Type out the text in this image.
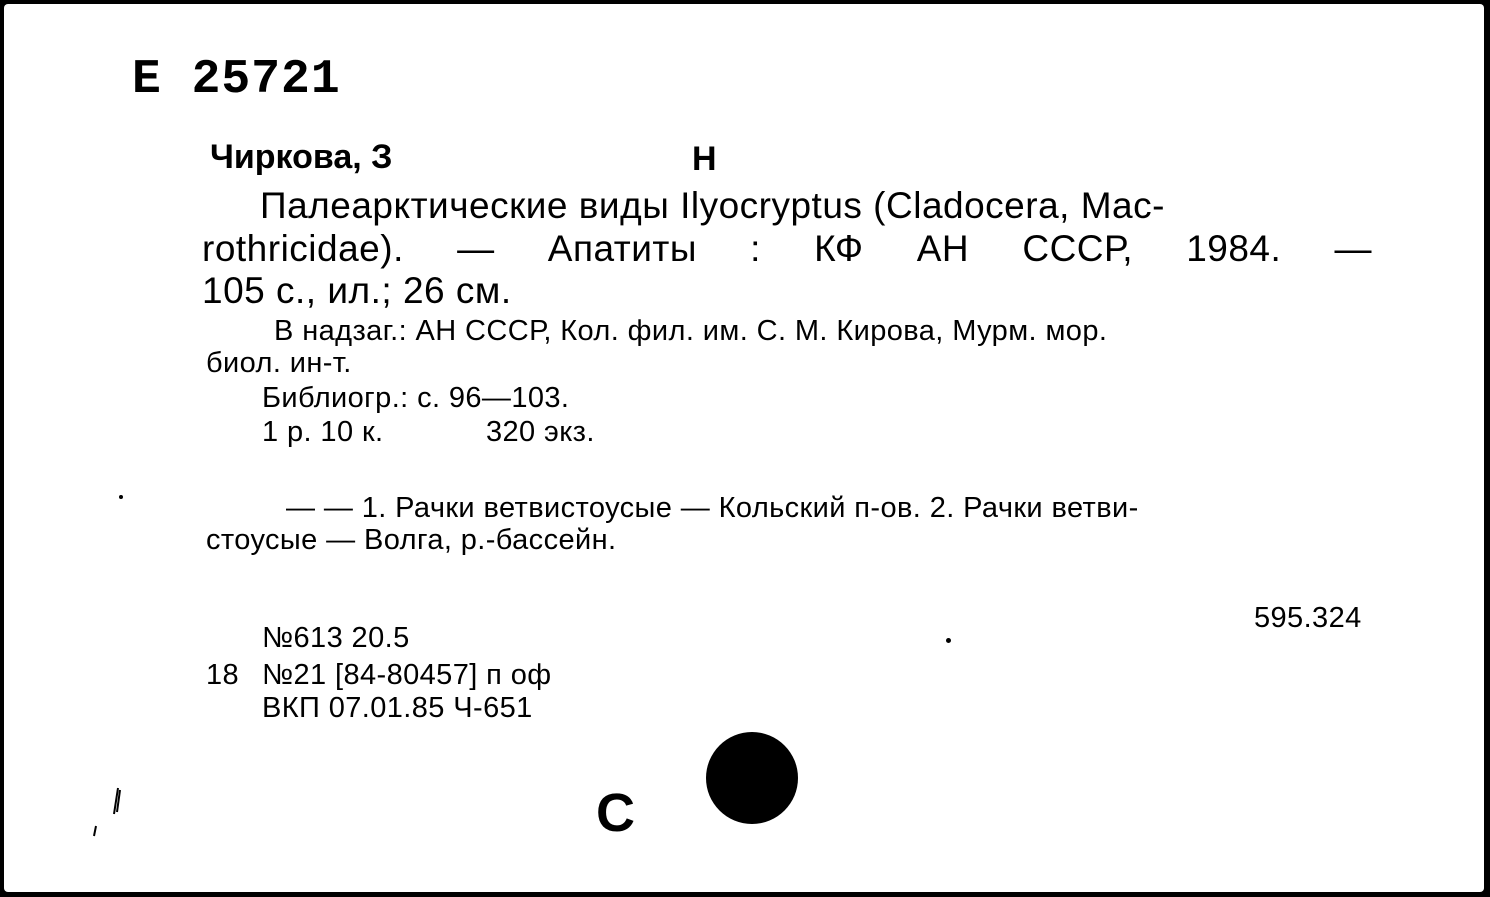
E 25721
Чиркова, З	Н
Палеарктические виды Ilyocryptus (Cladocera, Mac-
rothricidae). — Апатиты : КФ АН СССР, 1984. —
105 с., ил.; 26 см.
В надзаг.: АН СССР, Кол. фил. им. С. М. Кирова, Мурм. мор.
биол. ин-т.
Библиогр.: с. 96—103.
1 р. 10 к.	320 экз.
— — 1. Рачки ветвистоусые — Кольский п-ов. 2. Рачки ветви-
стоусые — Волга, р.-бассейн.
595.324
№613 20.5
18 №21 [84-80457] п оф
ВКП 07.01.85 Ч-651
С
